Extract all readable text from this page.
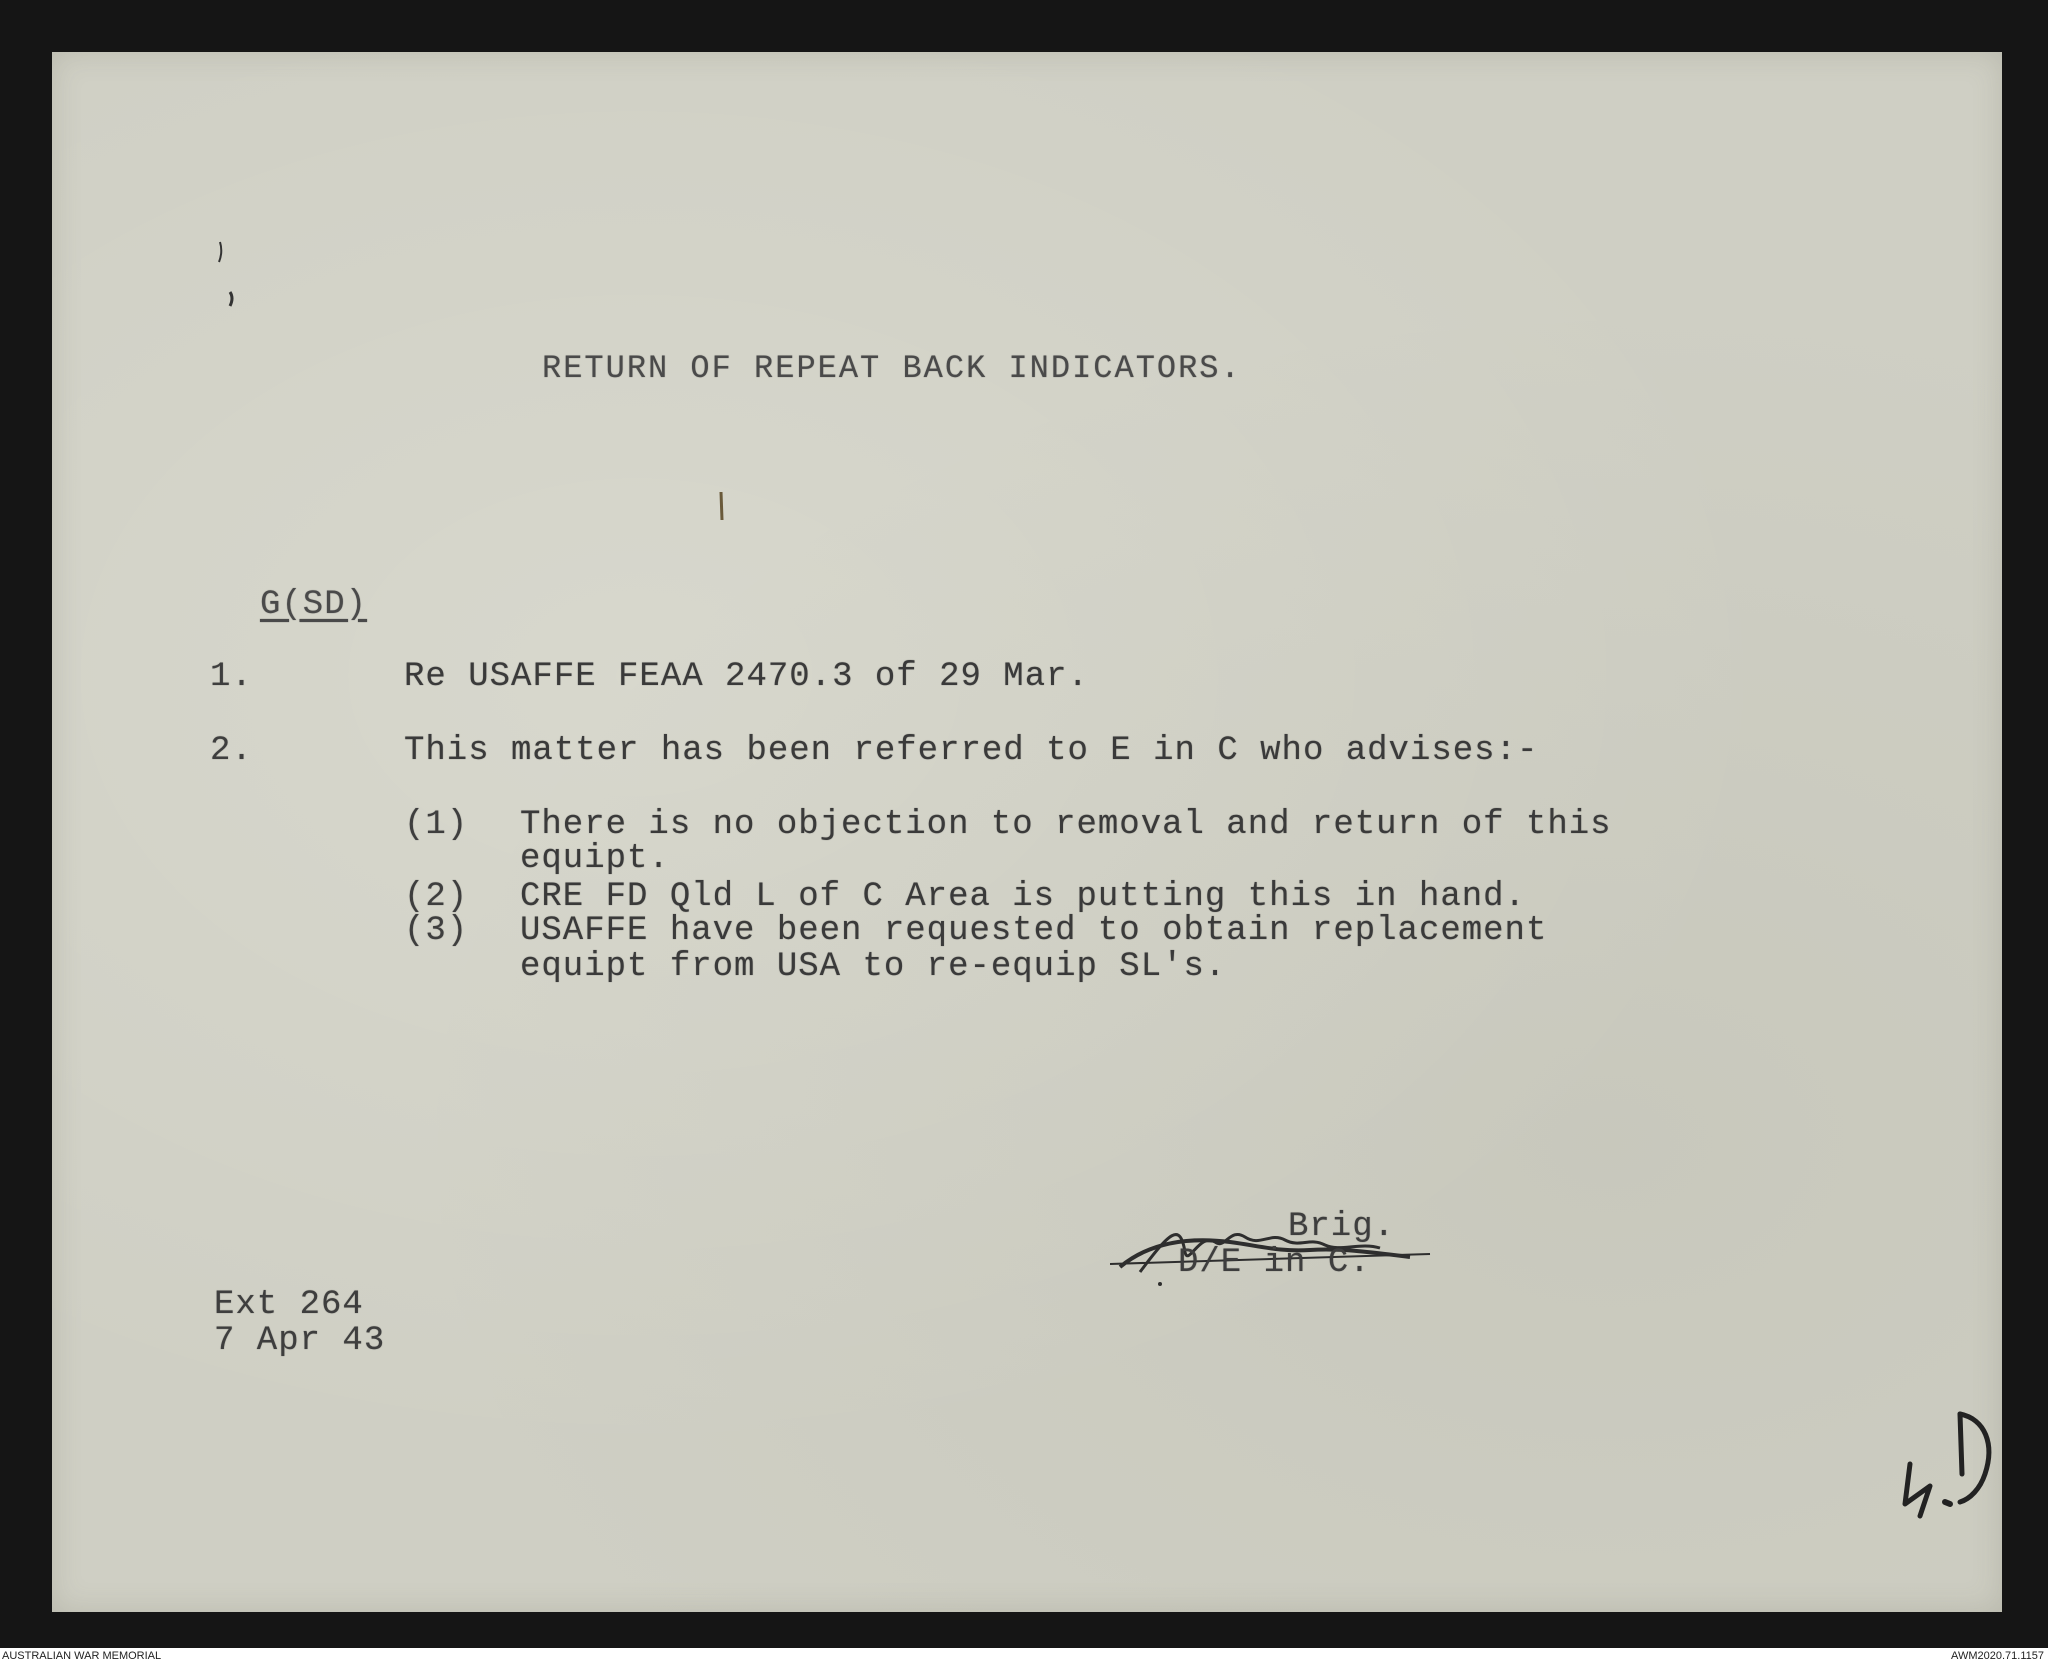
RETURN OF REPEAT BACK INDICATORS.
G(SD)
1.	Re USAFFE FEAA 2470.3 of 29 Mar.
2.	This matter has been referred to E in C who advises:-
(1) There is no objection to removal and return of this
equipt.
(2) CRE FD Qld L of C Area is putting this in hand.
(3) USAFFE have been requested to obtain replacement
equipt from USA to re-equip SL's.
Brig.
D/E in C.
Ext 264
7 Apr 43
AUSTRALIAN WAR MEMORIAL	AWM2020.71.1157
